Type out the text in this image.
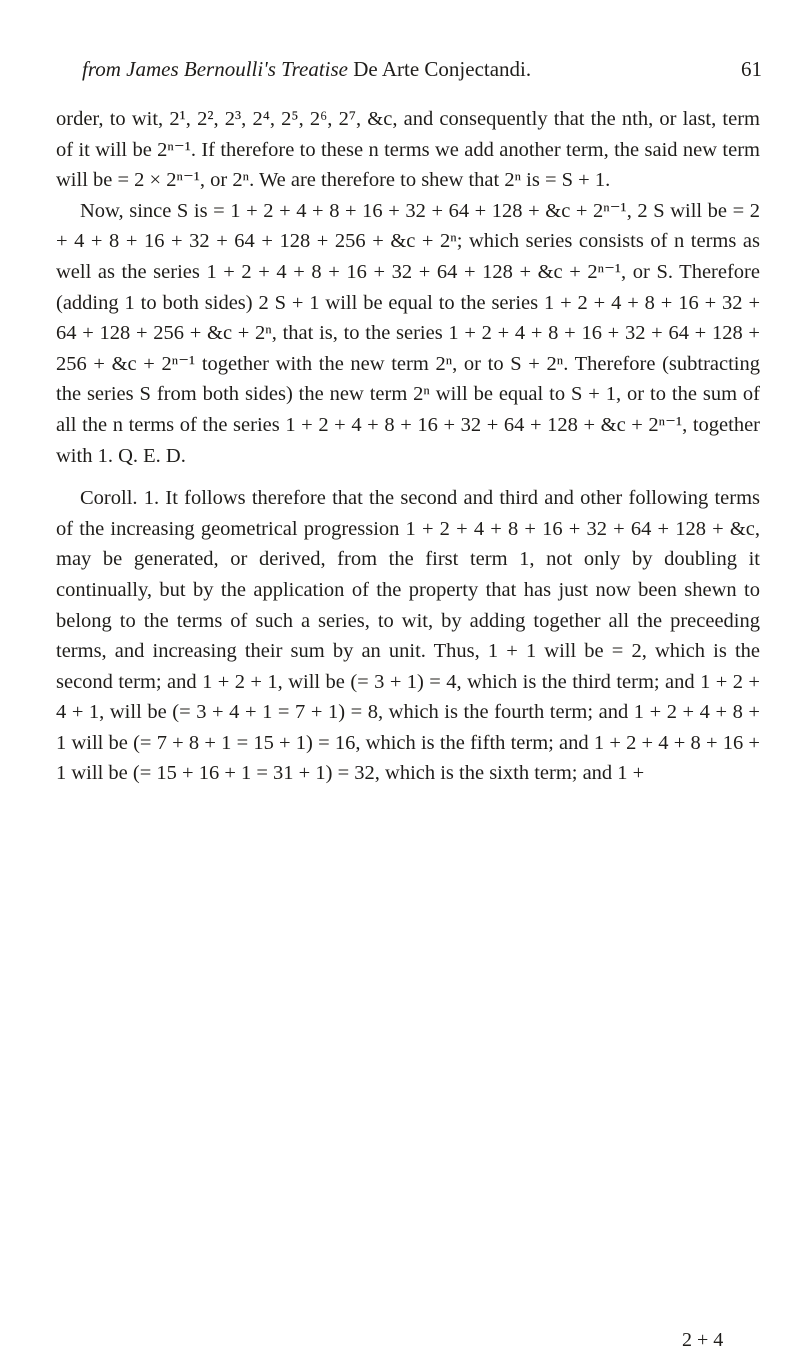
from James Bernoulli's Treatise De Arte Conjectandi.	61

order, to wit, 2¹, 2², 2³, 2⁴, 2⁵, 2⁶, 2⁷, &c, and consequently that the nth, or last, term of it will be 2ⁿ⁻¹. If therefore to these n terms we add another term, the said new term will be = 2 × 2ⁿ⁻¹, or 2ⁿ. We are therefore to shew that 2ⁿ is = S + 1.

Now, since S is = 1 + 2 + 4 + 8 + 16 + 32 + 64 + 128 + &c + 2ⁿ⁻¹, 2 S will be = 2 + 4 + 8 + 16 + 32 + 64 + 128 + 256 + &c + 2ⁿ; which series consists of n terms as well as the series 1 + 2 + 4 + 8 + 16 + 32 + 64 + 128 + &c + 2ⁿ⁻¹, or S. Therefore (adding 1 to both sides) 2 S + 1 will be equal to the series 1 + 2 + 4 + 8 + 16 + 32 + 64 + 128 + 256 + &c + 2ⁿ, that is, to the series 1 + 2 + 4 + 8 + 16 + 32 + 64 + 128 + 256 + &c + 2ⁿ⁻¹ together with the new term 2ⁿ, or to S + 2ⁿ. Therefore (subtracting the series S from both sides) the new term 2ⁿ will be equal to S + 1, or to the sum of all the n terms of the series 1 + 2 + 4 + 8 + 16 + 32 + 64 + 128 + &c + 2ⁿ⁻¹, together with 1. Q. E. D.

Coroll. 1. It follows therefore that the second and third and other following terms of the increasing geometrical progression 1 + 2 + 4 + 8 + 16 + 32 + 64 + 128 + &c, may be generated, or derived, from the first term 1, not only by doubling it continually, but by the application of the property that has just now been shewn to belong to the terms of such a series, to wit, by adding together all the preceeding terms, and increasing their sum by an unit. Thus, 1 + 1 will be = 2, which is the second term; and 1 + 2 + 1, will be (= 3 + 1) = 4, which is the third term; and 1 + 2 + 4 + 1, will be (= 3 + 4 + 1 = 7 + 1) = 8, which is the fourth term; and 1 + 2 + 4 + 8 + 1 will be (= 7 + 8 + 1 = 15 + 1) = 16, which is the fifth term; and 1 + 2 + 4 + 8 + 16 + 1 will be (= 15 + 16 + 1 = 31 + 1) = 32, which is the sixth term; and 1 +

2 + 4
